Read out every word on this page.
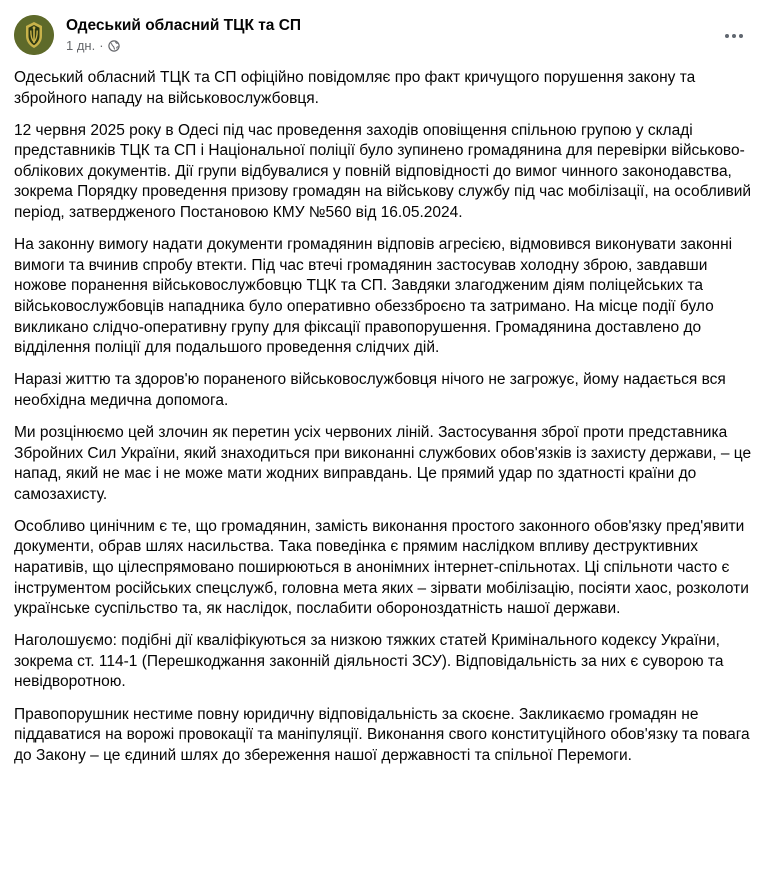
Одеський обласний ТЦК та СП
1 дн. ·

Одеський обласний ТЦК та СП офіційно повідомляє про факт кричущого порушення закону та збройного нападу на військовослужбовця.

12 червня 2025 року в Одесі під час проведення заходів оповіщення спільною групою у складі представників ТЦК та СП і Національної поліції було зупинено громадянина для перевірки військово-облікових документів. Дії групи відбувалися у повній відповідності до вимог чинного законодавства, зокрема Порядку проведення призову громадян на військову службу під час мобілізації, на особливий період, затвердженого Постановою КМУ №560 від 16.05.2024.

На законну вимогу надати документи громадянин відповів агресією, відмовився виконувати законні вимоги та вчинив спробу втекти. Під час втечі громадянин застосував холодну зброю, завдавши ножове поранення військовослужбовцю ТЦК та СП. Завдяки злагодженим діям поліцейських та військовослужбовців нападника було оперативно обеззброєно та затримано. На місце події було викликано слідчо-оперативну групу для фіксації правопорушення. Громадянина доставлено до відділення поліції для подальшого проведення слідчих дій.

Наразі життю та здоров'ю пораненого військовослужбовця нічого не загрожує, йому надається вся необхідна медична допомога.

Ми розцінюємо цей злочин як перетин усіх червоних ліній. Застосування зброї проти представника Збройних Сил України, який знаходиться при виконанні службових обов'язків із захисту держави, – це напад, який не має і не може мати жодних виправдань. Це прямий удар по здатності країни до самозахисту.

Особливо цинічним є те, що громадянин, замість виконання простого законного обов'язку пред'явити документи, обрав шлях насильства. Така поведінка є прямим наслідком впливу деструктивних наративів, що цілеспрямовано поширюються в анонімних інтернет-спільнотах. Ці спільноти часто є інструментом російських спецслужб, головна мета яких – зірвати мобілізацію, посіяти хаос, розколоти українське суспільство та, як наслідок, послабити обороноздатність нашої держави.

Наголошуємо: подібні дії кваліфікуються за низкою тяжких статей Кримінального кодексу України, зокрема ст. 114-1 (Перешкоджання законній діяльності ЗСУ). Відповідальність за них є суворою та невідворотною.

Правопорушник нестиме повну юридичну відповідальність за скоєне. Закликаємо громадян не піддаватися на ворожі провокації та маніпуляції. Виконання свого конституційного обов'язку та повага до Закону – це єдиний шлях до збереження нашої державності та спільної Перемоги.
